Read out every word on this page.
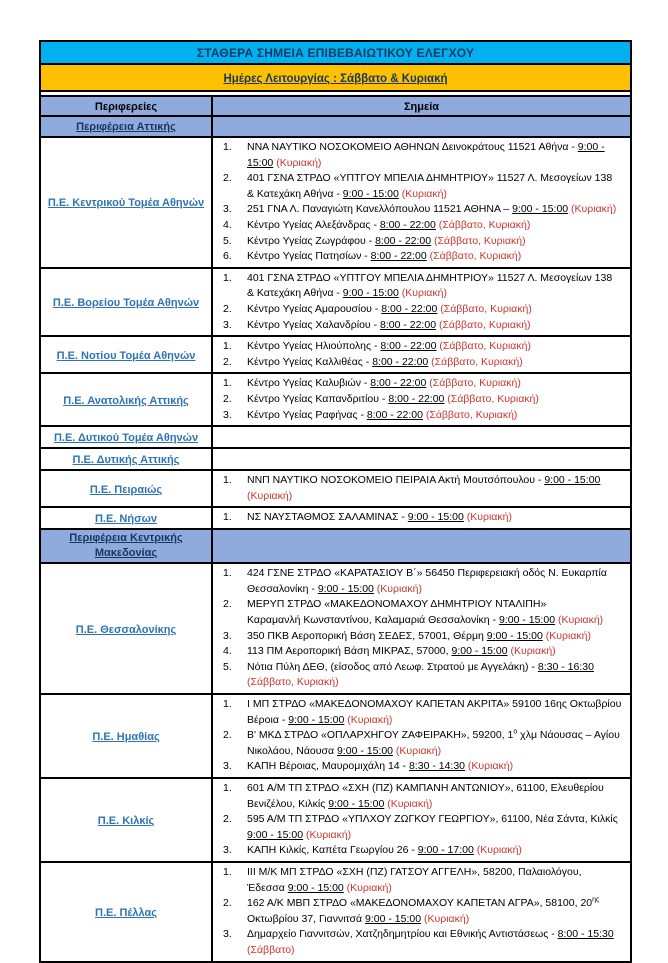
ΣΤΑΘΕΡΑ ΣΗΜΕΙΑ ΕΠΙΒΕΒΑΙΩΤΙΚΟΥ ΕΛΕΓΧΟΥ	
Ημέρες Λειτουργίας : Σάββατο & Κυριακή	

Περιφερείες	Σημεία
Περιφέρεια Αττικής	
Π.Ε. Κεντρικού Τομέα Αθηνών	
1.	ΝΝΑ ΝΑΥΤΙΚΟ ΝΟΣΟΚΟΜΕΙΟ ΑΘΗΝΩΝ Δεινοκράτους 11521 Αθήνα - 9:00 - 15:00 (Κυριακή)
2.	401 ΓΣΝΑ ΣΤΡΔΟ «ΥΠΤΓΟΥ ΜΠΕΛΙΑ ΔΗΜΗΤΡΙΟΥ» 11527 Λ. Μεσογείων 138 & Κατεχάκη Αθήνα - 9:00 - 15:00 (Κυριακή)
3.	251 ΓΝΑ Λ. Παναγιώτη Κανελλόπουλου 11521 ΑΘΗΝΑ – 9:00 - 15:00 (Κυριακή)
4.	Κέντρο Υγείας Αλεξάνδρας - 8:00 - 22:00 (Σάββατο, Κυριακή)
5.	Κέντρο Υγείας Ζωγράφου - 8:00 - 22:00 (Σάββατο, Κυριακή)
6.	Κέντρο Υγείας Πατησίων - 8:00 - 22:00 (Σάββατο, Κυριακή)

Π.Ε. Βορείου Τομέα Αθηνών	
1.	401 ΓΣΝΑ ΣΤΡΔΟ «ΥΠΤΓΟΥ ΜΠΕΛΙΑ ΔΗΜΗΤΡΙΟΥ» 11527 Λ. Μεσογείων 138 & Κατεχάκη Αθήνα - 9:00 - 15:00 (Κυριακή)
2.	Κέντρο Υγείας Αμαρουσίου - 8:00 - 22:00 (Σάββατο, Κυριακή)
3.	Κέντρο Υγείας Χαλανδρίου - 8:00 - 22:00 (Σάββατο, Κυριακή)

Π.Ε. Νοτίου Τομέα Αθηνών	1. Κέντρο Υγείας Ηλιούπολης - 8:00 - 22:00 (Σάββατο, Κυριακή)
2. Κέντρο Υγείας Καλλιθέας - 8:00 - 22:00 (Σάββατο, Κυριακή)

Π.Ε. Ανατολικής Αττικής	
1.	Κέντρο Υγείας Καλυβιών - 8:00 - 22:00 (Σάββατο, Κυριακή)
2.	Κέντρο Υγείας Καπανδριτίου - 8:00 - 22:00 (Σάββατο, Κυριακή)
3.	Κέντρο Υγείας Ραφήνας - 8:00 - 22:00 (Σάββατο, Κυριακή)

Π.Ε. Δυτικού Τομέα Αθηνών	

Π.Ε. Δυτικής Αττικής	

Π.Ε. Πειραιώς	1. ΝΝΠ ΝΑΥΤΙΚΟ ΝΟΣΟΚΟΜΕΙΟ ΠΕΙΡΑΙΑ Ακτή Μουτσόπουλου - 9:00 - 15:00 (Κυριακή)

Π.Ε. Νήσων	1. ΝΣ ΝΑΥΣΤΑΘΜΟΣ ΣΑΛΑΜΙΝΑΣ - 9:00 - 15:00 (Κυριακή)

Περιφέρεια Κεντρικής Μακεδονίας	
Π.Ε. Θεσσαλονίκης	
1.	424 ΓΣΝΕ ΣΤΡΔΟ «ΚΑΡΑΤΑΣΙΟΥ Β΄» 56450 Περιφερειακή οδός Ν. Ευκαρπία Θεσσαλονίκη - 9:00 - 15:00 (Κυριακή)
2.	ΜΕΡΥΠ ΣΤΡΔΟ «ΜΑΚΕΔΟΝΟΜΑΧΟΥ ΔΗΜΗΤΡΙΟΥ ΝΤΑΛΙΠΗ»
Καραμανλή Κωνσταντίνου, Καλαμαριά Θεσσαλονίκη - 9:00 - 15:00 (Κυριακή)
3.	350 ΠΚΒ Αεροπορική Βάση ΣΕΔΕΣ, 57001, Θέρμη 9:00 - 15:00 (Κυριακή)
4.	113 ΠΜ Αεροπορική Βάση ΜΙΚΡΑΣ, 57000, 9:00 - 15:00 (Κυριακή)
5.	Νότια Πύλη ΔΕΘ, (είσοδος από Λεωφ. Στρατού με Αγγελάκη) - 8:30 - 16:30 (Σάββατο, Κυριακή)

Π.Ε. Ημαθίας	
1.	Ι ΜΠ ΣΤΡΔΟ «ΜΑΚΕΔΟΝΟΜΑΧΟΥ ΚΑΠΕΤΑΝ ΑΚΡΙΤΑ» 59100 16ης Οκτωβρίου Βέροια - 9:00 - 15:00 (Κυριακή)
2.	Β' ΜΚΔ ΣΤΡΔΟ «ΟΠΛΑΡΧΗΓΟΥ ΖΑΦΕΙΡΑΚΗ», 59200, $1^o$ χλμ Νάουσας – Αγίου Νικολάου, Νάουσα 9:00 - 15:00 (Κυριακή)
3.	ΚΑΠΗ Βέροιας, Μαυρομιχάλη 14 - 8:30 - 14:30 (Κυριακή)

Π.Ε. Κιλκίς	
1.	601 Α/Μ ΤΠ ΣΤΡΔΟ «ΣΧΗ (ΠΖ) ΚΑΜΠΑΝΗ ΑΝΤΩΝΙΟΥ», 61100, Ελευθερίου Βενιζέλου, Κιλκίς 9:00 - 15:00 (Κυριακή)
2.	595 Α/Μ ΤΠ ΣΤΡΔΟ «ΥΠΛΧΟΥ ΖΩΓΚΟΥ ΓΕΩΡΓΙΟΥ», 61100, Νέα Σάντα, Κιλκίς 9:00 - 15:00 (Κυριακή)
3.	ΚΑΠΗ Κιλκίς, Καπέτα Γεωργίου 26 - 9:00 - 17:00 (Κυριακή)

Π.Ε. Πέλλας	
1.	ΙΙΙ Μ/Κ ΜΠ ΣΤΡΔΟ «ΣΧΗ (ΠΖ) ΓΑΤΣΟΥ ΑΓΓΕΛΗ», 58200, Παλαιολόγου, Έδεσσα 9:00 - 15:00 (Κυριακή)
2.	162 Α/Κ ΜΒΠ ΣΤΡΔΟ «ΜΑΚΕΔΟΝΟΜΑΧΟΥ ΚΑΠΕΤΑΝ ΑΓΡΑ», 58100, $20^{\eta\varsigma}$ Οκτωβρίου 37, Γιαννιτσά 9:00 - 15:00 (Κυριακή)
3.	Δημαρχείο Γιαννιτσών, Χατζηδημητρίου και Εθνικής Αντιστάσεως - 8:00 - 15:30 (Σάββατο)
